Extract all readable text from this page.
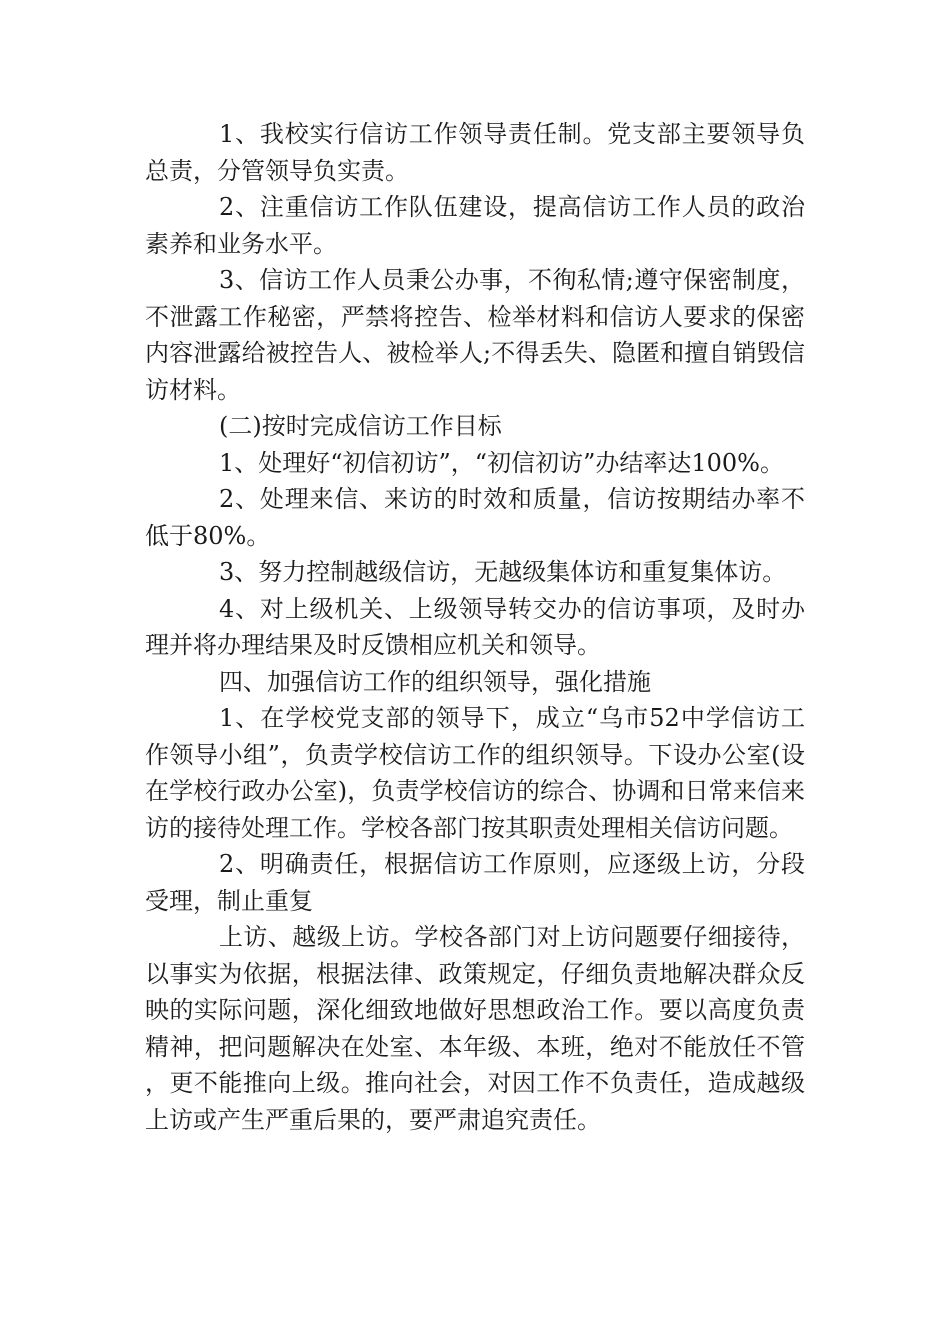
1、我校实行信访工作领导责任制。党支部主要领导负总责，分管领导负实责。

2、注重信访工作队伍建设，提高信访工作人员的政治素养和业务水平。

3、信访工作人员秉公办事，不徇私情;遵守保密制度，不泄露工作秘密，严禁将控告、检举材料和信访人要求的保密内容泄露给被控告人、被检举人;不得丢失、隐匿和擅自销毁信访材料。

(二)按时完成信访工作目标

1、处理好“初信初访”，“初信初访”办结率达100%。

2、处理来信、来访的时效和质量，信访按期结办率不低于80%。

3、努力控制越级信访，无越级集体访和重复集体访。

4、对上级机关、上级领导转交办的信访事项，及时办理并将办理结果及时反馈相应机关和领导。

四、加强信访工作的组织领导，强化措施

1、在学校党支部的领导下，成立“乌市52中学信访工作领导小组”，负责学校信访工作的组织领导。下设办公室(设在学校行政办公室)，负责学校信访的综合、协调和日常来信来访的接待处理工作。学校各部门按其职责处理相关信访问题。

2、明确责任，根据信访工作原则，应逐级上访，分段受理，制止重复

上访、越级上访。学校各部门对上访问题要仔细接待，以事实为依据，根据法律、政策规定，仔细负责地解决群众反映的实际问题，深化细致地做好思想政治工作。要以高度负责精神，把问题解决在处室、本年级、本班，绝对不能放任不管，更不能推向上级。推向社会，对因工作不负责任，造成越级上访或产生严重后果的，要严肃追究责任。
